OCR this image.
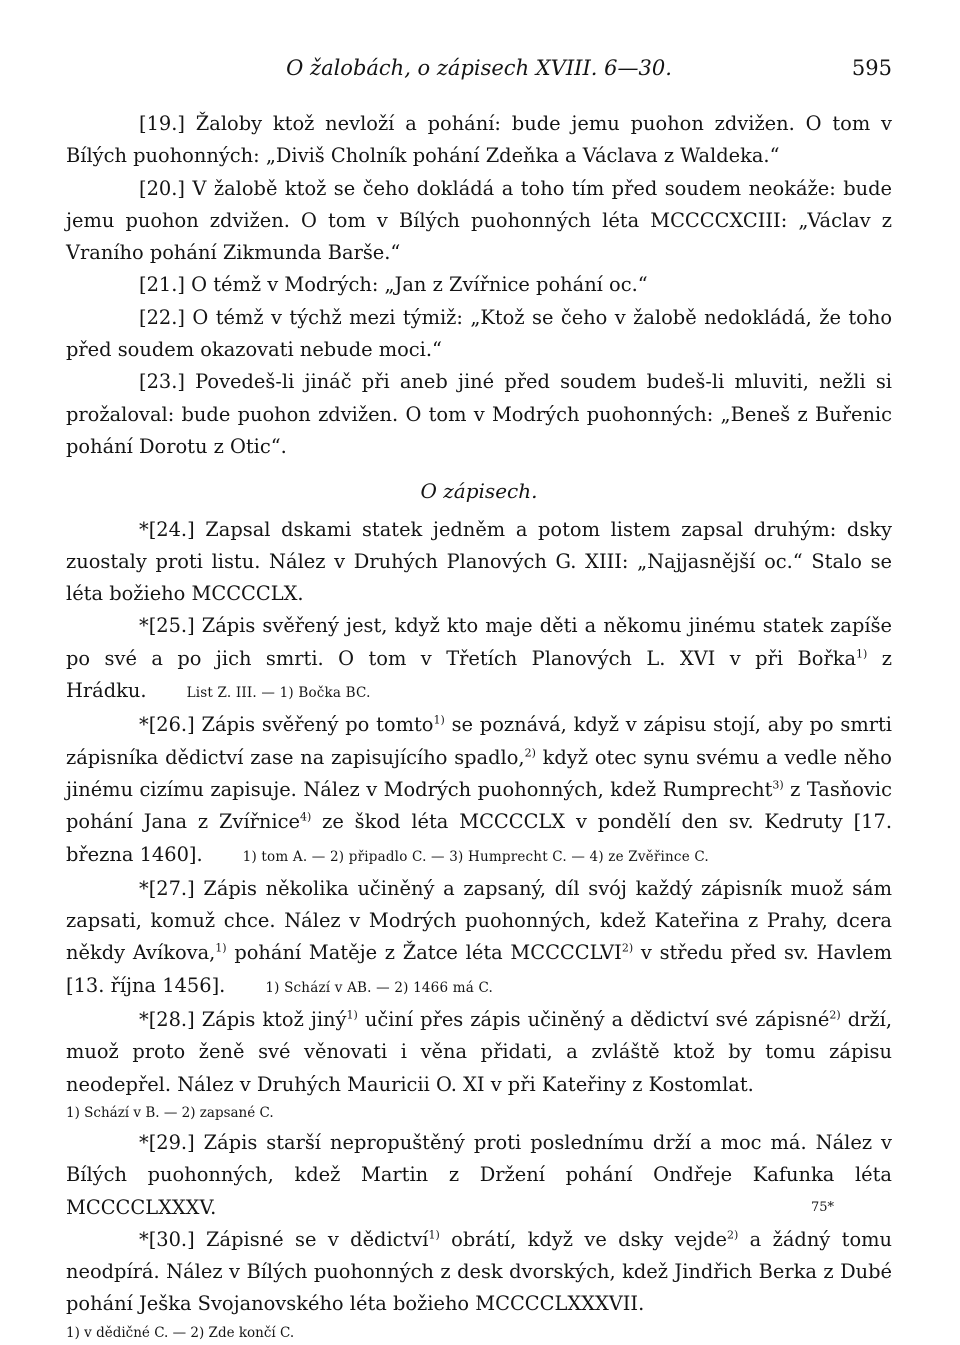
O žalobách, o zápisech XVIII. 6—30.	595

[19.] Žaloby ktož nevloží a pohání: bude jemu puohon zdvižen. O tom v Bílých puohonných: „Diviš Cholník pohání Zdeňka a Václava z Waldeka.“

[20.] V žalobě ktož se čeho dokládá a toho tím před soudem neokáže: bude jemu puohon zdvižen. O tom v Bílých puohonných léta MCCCCXCIII: „Václav z Vraního pohání Zikmunda Barše.“

[21.] O témž v Modrých: „Jan z Zvířnice pohání oc.“

[22.] O témž v týchž mezi týmiž: „Ktož se čeho v žalobě nedokládá, že toho před soudem okazovati nebude moci.“

[23.] Povedeš-li jináč při aneb jiné před soudem budeš-li mluviti, nežli si prožaloval: bude puohon zdvižen. O tom v Modrých puohonných: „Beneš z Buřenic pohání Dorotu z Otic“.

O zápisech.

*[24.] Zapsal dskami statek jedněm a potom listem zapsal druhým: dsky zuostaly proti listu. Nález v Druhých Planových G. XIII: „Najjasnější oc.“ Stalo se léta božieho MCCCCLX.

*[25.] Zápis svěřený jest, když kto maje děti a někomu jinému statek zapíše po své a po jich smrti. O tom v Třetích Planových L. XVI v při Bořka$^{1)}$ z Hrádku.	List Z. III. — 1) Bočka BC.

*[26.] Zápis svěřený po tomto$^{1)}$ se poznává, když v zápisu stojí, aby po smrti zápisníka dědictví zase na zapisujícího spadlo,$^{2)}$ když otec synu svému a vedle něho jinému cizímu zapisuje. Nález v Modrých puohonných, kdež Rumprecht$^{3)}$ z Tasňovic pohání Jana z Zvířnice$^{4)}$ ze škod léta MCCCCLX v pondělí den sv. Kedruty [17. března 1460].	1) tom A. — 2) připadlo C. — 3) Humprecht C. — 4) ze Zvěřince C.

*[27.] Zápis několika učiněný a zapsaný, díl svój každý zápisník muož sám zapsati, komuž chce. Nález v Modrých puohonných, kdež Kateřina z Prahy, dcera někdy Avíkova,$^{1)}$ pohání Matěje z Žatce léta MCCCCLVI$^{2)}$ v středu před sv. Havlem [13. října 1456].	1) Schází v AB. — 2) 1466 má C.

*[28.] Zápis ktož jiný$^{1)}$ učiní přes zápis učiněný a dědictví své zápisné$^{2)}$ drží, muož proto ženě své věnovati i věna přidati, a zvláště ktož by tomu zápisu neodepřel. Nález v Druhých Mauricii O. XI v při Kateřiny z Kostomlat.

1) Schází v B. — 2) zapsané C.

*[29.] Zápis starší nepropuštěný proti poslednímu drží a moc má. Nález v Bílých puohonných, kdež Martin z Držení pohání Ondřeje Kafunka léta MCCCCLXXXV.

*[30.] Zápisné se v dědictví$^{1)}$ obrátí, když ve dsky vejde$^{2)}$ a žádný tomu neodpírá. Nález v Bílých puohonných z desk dvorských, kdež Jindřich Berka z Dubé pohání Ješka Svojanovského léta božieho MCCCCLXXXVII.

1) v dědičné C. — 2) Zde končí C.

75*
